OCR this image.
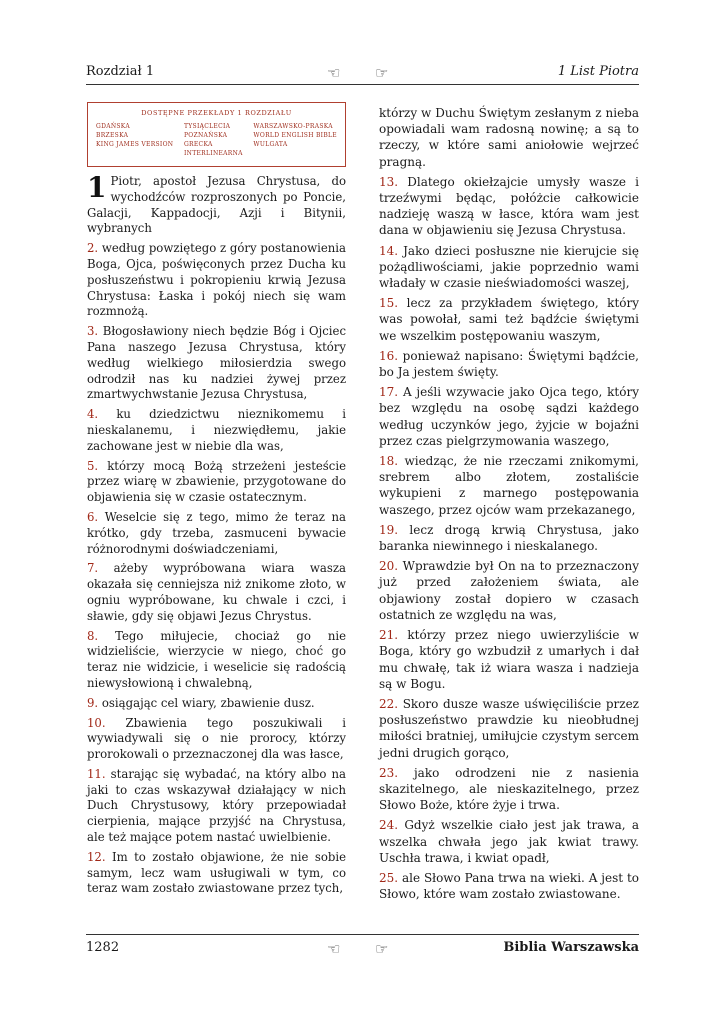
Rozdział 1	1 List Piotra
☜ ☞
DOSTĘPNE PRZEKŁADY 1 ROZDZIAŁU
GDAŃSKA
BRZESKA
KING JAMES VERSION
TYSIĄCLECIA
POZNAŃSKA
GRECKA
INTERLINEARNA
WARSZAWSKO-PRASKA
WORLD ENGLISH BIBLE
WULGATA

1 Piotr, apostoł Jezusa Chrystusa, do wychodźców rozproszonych po Poncie, Galacji, Kappadocji, Azji i Bitynii, wybranych

2. według powziętego z góry postanowienia Boga, Ojca, poświęconych przez Ducha ku posłuszeństwu i pokropieniu krwią Jezusa Chrystusa: Łaska i pokój niech się wam rozmnożą.

3. Błogosławiony niech będzie Bóg i Ojciec Pana naszego Jezusa Chrystusa, który według wielkiego miłosierdzia swego odrodził nas ku nadziei żywej przez zmartwychwstanie Jezusa Chrystusa,

4. ku dziedzictwu nieznikomemu i nieskalanemu, i niezwiędłemu, jakie zachowane jest w niebie dla was,

5. którzy mocą Bożą strzeżeni jesteście przez wiarę w zbawienie, przygotowane do objawienia się w czasie ostatecznym.

6. Weselcie się z tego, mimo że teraz na krótko, gdy trzeba, zasmuceni bywacie różnorodnymi doświadczeniami,

7. ażeby wypróbowana wiara wasza okazała się cenniejsza niż znikome złoto, w ogniu wypróbowane, ku chwale i czci, i sławie, gdy się objawi Jezus Chrystus.

8. Tego miłujecie, chociaż go nie widzieliście, wierzycie w niego, choć go teraz nie widzicie, i weselicie się radością niewysłowioną i chwalebną,

9. osiągając cel wiary, zbawienie dusz.

10. Zbawienia tego poszukiwali i wywiadywali się o nie prorocy, którzy prorokowali o przeznaczonej dla was łasce,

11. starając się wybadać, na który albo na jaki to czas wskazywał działający w nich Duch Chrystusowy, który przepowiadał cierpienia, mające przyjść na Chrystusa, ale też mające potem nastać uwielbienie.

12. Im to zostało objawione, że nie sobie samym, lecz wam usługiwali w tym, co teraz wam zostało zwiastowane przez tych,

którzy w Duchu Świętym zesłanym z nieba opowiadali wam radosną nowinę; a są to rzeczy, w które sami aniołowie wejrzeć pragną.

13. Dlatego okiełzajcie umysły wasze i trzeźwymi będąc, połóżcie całkowicie nadzieję waszą w łasce, która wam jest dana w objawieniu się Jezusa Chrystusa.

14. Jako dzieci posłuszne nie kierujcie się pożądliwościami, jakie poprzednio wami władały w czasie nieświadomości waszej,

15. lecz za przykładem świętego, który was powołał, sami też bądźcie świętymi we wszelkim postępowaniu waszym,

16. ponieważ napisano: Świętymi bądźcie, bo Ja jestem święty.

17. A jeśli wzywacie jako Ojca tego, który bez względu na osobę sądzi każdego według uczynków jego, żyjcie w bojaźni przez czas pielgrzymowania waszego,

18. wiedząc, że nie rzeczami znikomymi, srebrem albo złotem, zostaliście wykupieni z marnego postępowania waszego, przez ojców wam przekazanego,

19. lecz drogą krwią Chrystusa, jako baranka niewinnego i nieskalanego.

20. Wprawdzie był On na to przeznaczony już przed założeniem świata, ale objawiony został dopiero w czasach ostatnich ze względu na was,

21. którzy przez niego uwierzyliście w Boga, który go wzbudził z umarłych i dał mu chwałę, tak iż wiara wasza i nadzieja są w Bogu.

22. Skoro dusze wasze uświęciliście przez posłuszeństwo prawdzie ku nieobłudnej miłości bratniej, umiłujcie czystym sercem jedni drugich gorąco,

23. jako odrodzeni nie z nasienia skazitelnego, ale nieskazitelnego, przez Słowo Boże, które żyje i trwa.

24. Gdyż wszelkie ciało jest jak trawa, a wszelka chwała jego jak kwiat trawy. Uschła trawa, i kwiat opadł,

25. ale Słowo Pana trwa na wieki. A jest to Słowo, które wam zostało zwiastowane.

1282	Biblia Warszawska
☜ ☞
